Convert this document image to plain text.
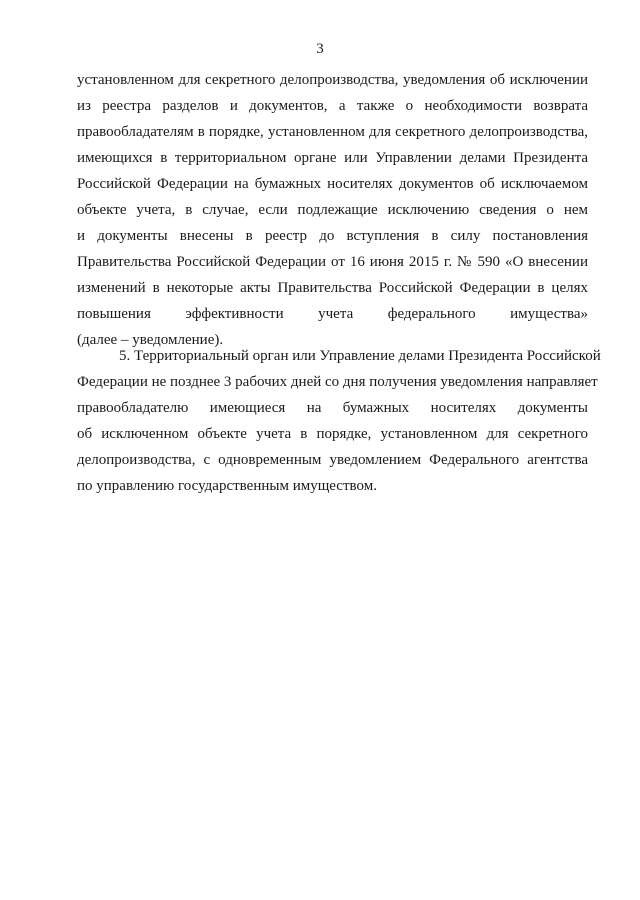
3
установленном для секретного делопроизводства, уведомления об исключении
из реестра разделов и документов, а также о необходимости возврата
правообладателям в порядке, установленном для секретного делопроизводства,
имеющихся в территориальном органе или Управлении делами Президента
Российской Федерации на бумажных носителях документов об исключаемом
объекте учета, в случае, если подлежащие исключению сведения о нем
и документы внесены в реестр до вступления в силу постановления
Правительства Российской Федерации от 16 июня 2015 г. № 590 «О внесении
изменений в некоторые акты Правительства Российской Федерации в целях
повышения эффективности учета федерального имущества»
(далее – уведомление).
5. Территориальный орган или Управление делами Президента Российской
Федерации не позднее 3 рабочих дней со дня получения уведомления направляет
правообладателю имеющиеся на бумажных носителях документы
об исключенном объекте учета в порядке, установленном для секретного
делопроизводства, с одновременным уведомлением Федерального агентства
по управлению государственным имуществом.
